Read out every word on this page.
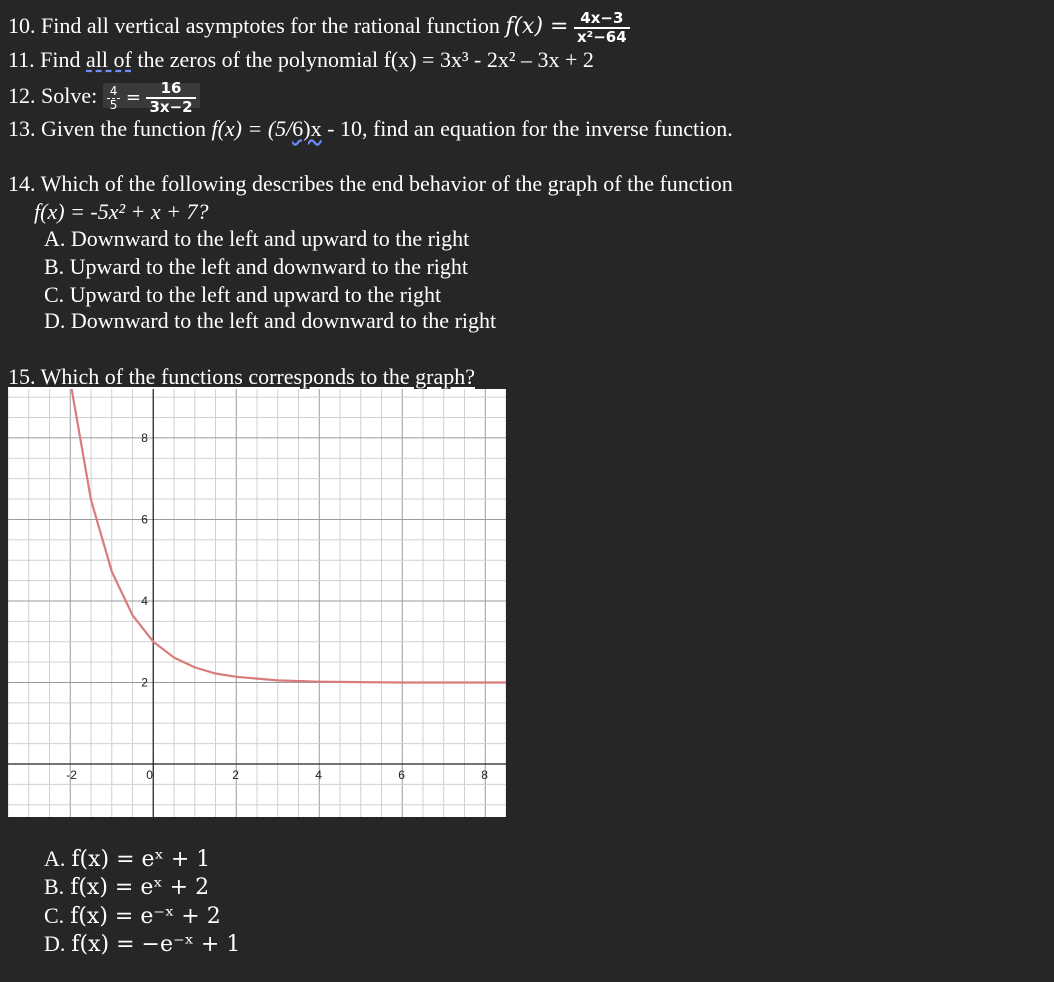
10. Find all vertical asymptotes for the rational function $f(x) = \frac{4x-3}{\text{x²−64}}$
11. Find all of the zeros of the polynomial f(x) = 3x³ - 2x² – 3x + 2
12. Solve: $\frac{4}{5} = \frac{16}{3x-2}$
13. Given the function f(x) = (5/6)x - 10, find an equation for the inverse function.
14. Which of the following describes the end behavior of the graph of the function
f(x) = -5x² + x + 7?
A. Downward to the left and upward to the right
B. Upward to the left and downward to the right
C. Upward to the left and upward to the right
D. Downward to the left and downward to the right
15. Which of the functions corresponds to the graph?
-2	0	2	4	6	8
2
4
6
8
A. f(x) = eˣ + 1
B. f(x) = eˣ + 2
C. f(x) = e⁻ˣ + 2
D. f(x) = −e⁻ˣ + 1
